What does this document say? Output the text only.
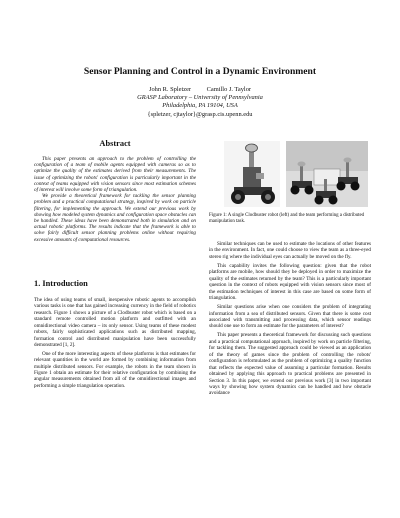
Sensor Planning and Control in a Dynamic Environment
John R. Spletzer Camillo J. Taylor
GRASP Laboratory – University of Pennsylvania
Philadelphia, PA 19104, USA
{spletzer, cjtaylor}@grasp.cis.upenn.edu
Abstract

This paper presents an approach to the problem of controlling the configuration of a team of mobile agents equipped with cameras so as to optimize the quality of the estimates derived from their measurements. The issue of optimizing the robots' configuration is particularly important in the context of teams equipped with vision sensors since most estimation schemes of interest will involve some form of triangulation.

We provide a theoretical framework for tackling the sensor planning problem and a practical computational strategy, inspired by work on particle filtering, for implementing the approach. We extend our previous work by showing how modeled system dynamics and configuration space obstacles can be handled. These ideas have been demonstrated both in simulation and on actual robotic platforms. The results indicate that the framework is able to solve fairly difficult sensor planning problems online without requiring excessive amounts of computational resources.

1. Introduction

The idea of using teams of small, inexpensive robotic agents to accomplish various tasks is one that has gained increasing currency in the field of robotics research. Figure 1 shows a picture of a Clodbuster robot which is based on a standard remote controlled motion platform and outfitted with an omnidirectional video camera – its only sensor. Using teams of these modest robots, fairly sophisticated applications such as distributed mapping, formation control and distributed manipulation have been successfully demonstrated [1, 2].

One of the more interesting aspects of these platforms is that estimates for relevant quantities in the world are formed by combining information from multiple distributed sensors. For example, the robots in the team shown in Figure 1 obtain an estimate for their relative configuration by combining the angular measurements obtained from all of the omnidirectional images and performing a simple triangulation operation.

Figure 1: A single Clodbuster robot (left) and the team performing a distributed manipulation task.

Similar techniques can be used to estimate the locations of other features in the environment. In fact, one could choose to view the team as a three-eyed stereo rig where the individual eyes can actually be moved on the fly.

This capability invites the following question: given that the robot platforms are mobile, how should they be deployed in order to maximize the quality of the estimates returned by the team? This is a particularly important question in the context of robots equipped with vision sensors since most of the estimation techniques of interest in this case are based on some form of triangulation.

Similar questions arise when one considers the problem of integrating information from a sea of distributed sensors. Given that there is some cost associated with transmitting and processing data, which sensor readings should one use to form an estimate for the parameters of interest?

This paper presents a theoretical framework for discussing such questions and a practical computational approach, inspired by work on particle filtering, for tackling them. The suggested approach could be viewed as an application of the theory of games since the problem of controlling the robots' configuration is reformulated as the problem of optimizing a quality function that reflects the expected value of assuming a particular formation. Results obtained by applying this approach to practical problems are presented in Section 3. In this paper, we extend our previous work [3] in two important ways by showing how system dynamics can be handled and how obstacle avoidance
